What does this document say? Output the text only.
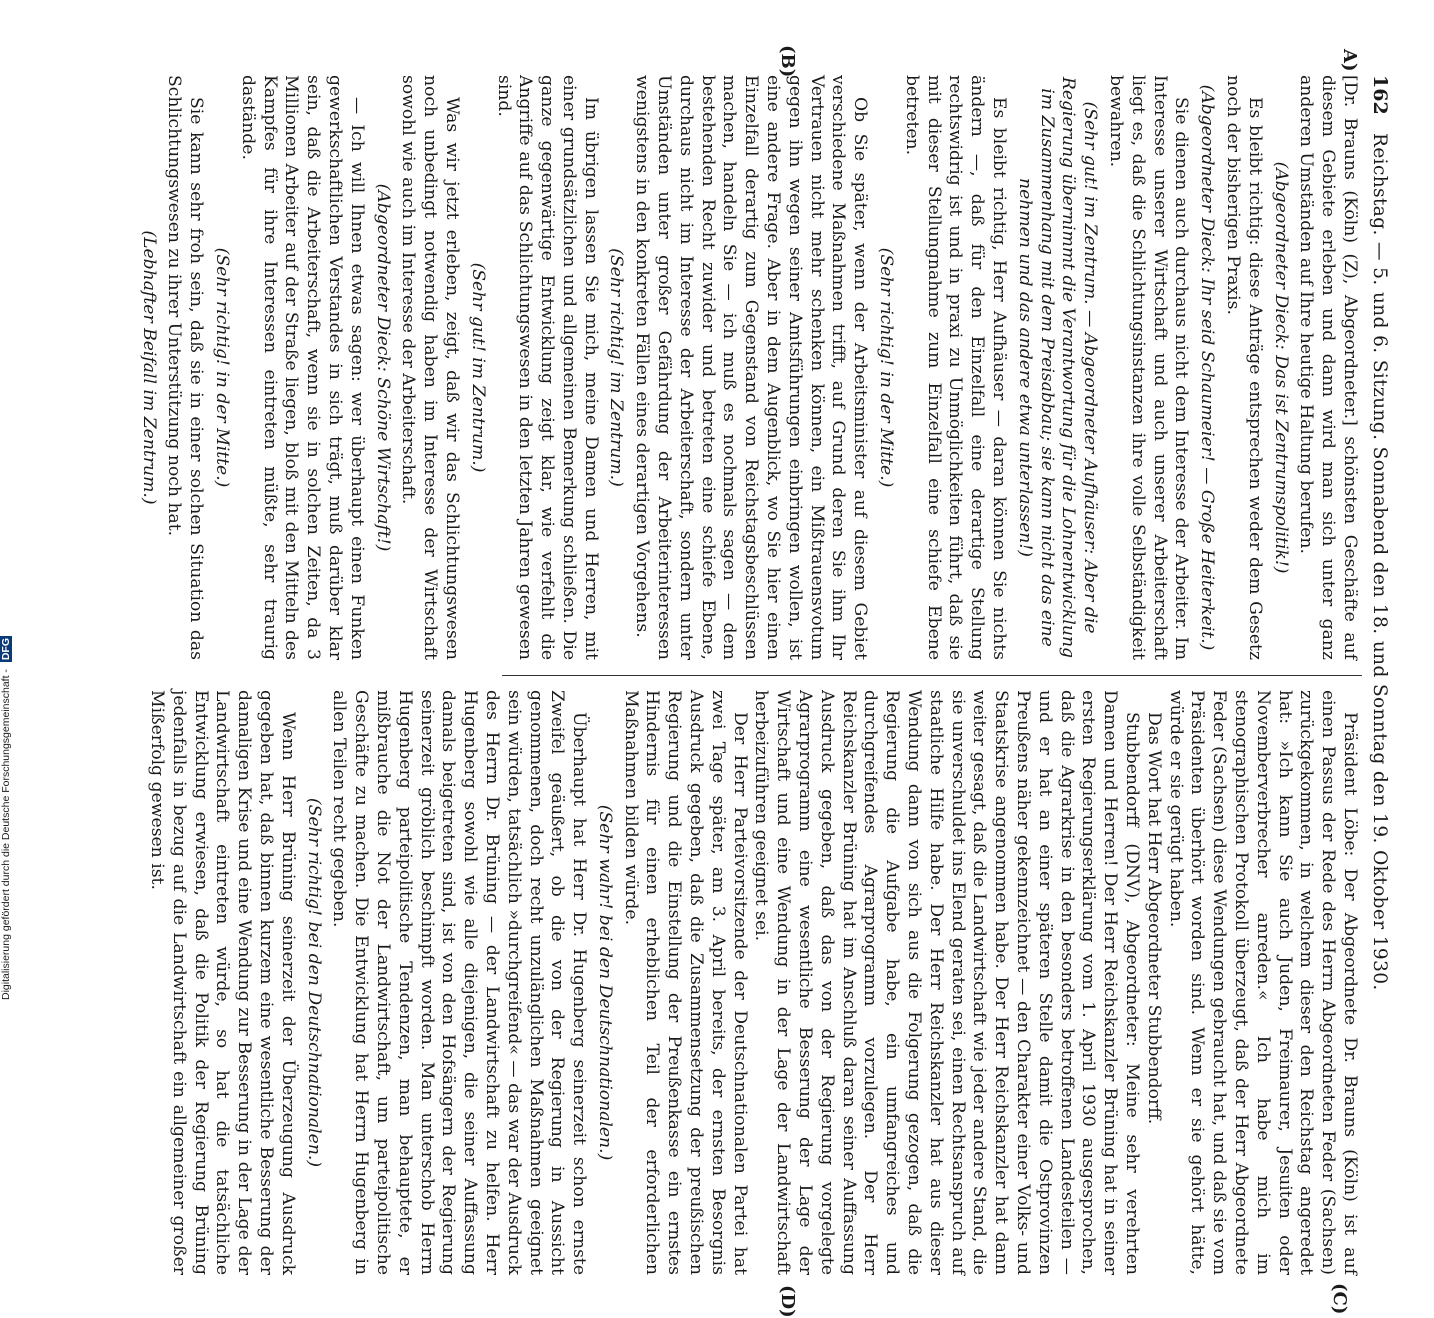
162
Reichstag. — 5. und 6. Sitzung. Sonnabend den 18. und Sonntag den 19. Oktober 1930.
A)
(B)
(C)
(D)

[Dr. Brauns (Köln) (Z), Abgeordneter.] schönsten Geschäfte auf diesem Gebiete erleben und dann wird man sich unter ganz anderen Umständen auf Ihre heutige Haltung berufen.

(Abgeordneter Dieck: Das ist Zentrumspolitik!)

Es bleibt richtig: diese Anträge entsprechen weder dem Gesetz noch der bisherigen Praxis.

(Abgeordneter Dieck: Ihr seid Schaumeier! — Große Heiterkeit.)

Sie dienen auch durchaus nicht dem Interesse der Arbeiter. Im Interesse unserer Wirtschaft und auch unserer Arbeiterschaft liegt es, daß die Schlichtungsinstanzen ihre volle Selbständigkeit bewahren.

(Sehr gut! im Zentrum. — Abgeordneter Aufhäuser: Aber die Regierung übernimmt die Verantwortung für die Lohnentwicklung im Zusammenhang mit dem Preisabbau; sie kann nicht das eine nehmen und das andere etwa unterlassen!)

Es bleibt richtig, Herr Aufhäuser — daran können Sie nichts ändern —, daß für den Einzelfall eine derartige Stellung rechtswidrig ist und in praxi zu Unmöglichkeiten führt, daß sie mit dieser Stellungnahme zum Einzelfall eine schiefe Ebene betreten.

(Sehr richtig! in der Mitte.)

Ob Sie später, wenn der Arbeitsminister auf diesem Gebiet verschiedene Maßnahmen trifft, auf Grund deren Sie ihm Ihr Vertrauen nicht mehr schenken können, ein Mißtrauensvotum gegen ihn wegen seiner Amtsführungen einbringen wollen, ist eine andere Frage. Aber in dem Augenblick, wo Sie hier einen Einzelfall derartig zum Gegenstand von Reichstagsbeschlüssen machen, handeln Sie — ich muß es nochmals sagen — dem bestehenden Recht zuwider und betreten eine schiefe Ebene, durchaus nicht im Interesse der Arbeiterschaft, sondern unter Umständen unter großer Gefährdung der Arbeiterinteressen wenigstens in den konkreten Fällen eines derartigen Vorgehens.

(Sehr richtig! im Zentrum.)

Im übrigen lassen Sie mich, meine Damen und Herren, mit einer grundsätzlichen und allgemeinen Bemerkung schließen. Die ganze gegenwärtige Entwicklung zeigt klar, wie verfehlt die Angriffe auf das Schlichtungswesen in den letzten Jahren gewesen sind.

(Sehr gut! im Zentrum.)

Was wir jetzt erleben, zeigt, daß wir das Schlichtungswesen noch unbedingt notwendig haben im Interesse der Wirtschaft sowohl wie auch im Interesse der Arbeiterschaft.

(Abgeordneter Dieck: Schöne Wirtschaft!)

— Ich will Ihnen etwas sagen: wer überhaupt einen Funken gewerkschaftlichen Verstandes in sich trägt, muß darüber klar sein, daß die Arbeiterschaft, wenn sie in solchen Zeiten, da 3 Millionen Arbeiter auf der Straße liegen, bloß mit den Mitteln des Kampfes für ihre Interessen eintreten müßte, sehr traurig dastände.

(Sehr richtig! in der Mitte.)

Sie kann sehr froh sein, daß sie in einer solchen Situation das Schlichtungswesen zu ihrer Unterstützung noch hat.

(Lebhafter Beifall im Zentrum.)

Präsident Löbe: Der Abgeordnete Dr. Brauns (Köln) ist auf einen Passus der Rede des Herrn Abgeordneten Feder (Sachsen) zurückgekommen, in welchem dieser den Reichstag angeredet hat: »Ich kann Sie auch Juden, Freimaurer, Jesuiten oder Novemberverbrecher anreden.« Ich habe mich im stenographischen Protokoll überzeugt, daß der Herr Abgeordnete Feder (Sachsen) diese Wendungen gebraucht hat, und daß sie vom Präsidenten überhört worden sind. Wenn er sie gehört hätte, würde er sie gerügt haben.

Das Wort hat Herr Abgeordneter Stubbendorff.

Stubbendorff (DNV), Abgeordneter: Meine sehr verehrten Damen und Herren! Der Herr Reichskanzler Brüning hat in seiner ersten Regierungserklärung vom 1. April 1930 ausgesprochen, daß die Agrarkrise in den besonders betroffenen Landesteilen — und er hat an einer späteren Stelle damit die Ostprovinzen Preußens näher gekennzeichnet — den Charakter einer Volks- und Staatskrise angenommen habe. Der Herr Reichskanzler hat dann weiter gesagt, daß die Landwirtschaft wie jeder andere Stand, die sie unverschuldet ins Elend geraten sei, einen Rechtsanspruch auf staatliche Hilfe habe. Der Herr Reichskanzler hat aus dieser Wendung dann von sich aus die Folgerung gezogen, daß die Regierung die Aufgabe habe, ein umfangreiches und durchgreifendes Agrarprogramm vorzulegen. Der Herr Reichskanzler Brüning hat im Anschluß daran seiner Auffassung Ausdruck gegeben, daß das von der Regierung vorgelegte Agrarprogramm eine wesentliche Besserung der Lage der Wirtschaft und eine Wendung in der Lage der Landwirtschaft herbeizuführen geeignet sei.

Der Herr Parteivorsitzende der Deutschnationalen Partei hat zwei Tage später, am 3. April bereits, der ernsten Besorgnis Ausdruck gegeben, daß die Zusammensetzung der preußischen Regierung und die Einstellung der Preußenkasse ein ernstes Hindernis für einen erheblichen Teil der erforderlichen Maßnahmen bilden würde.

(Sehr wahr! bei den Deutschnationalen.)

Überhaupt hat Herr Dr. Hugenberg seinerzeit schon ernste Zweifel geäußert, ob die von der Regierung in Aussicht genommenen, doch recht unzulänglichen Maßnahmen geeignet sein würden, tatsächlich »durchgreifend« — das war der Ausdruck des Herrn Dr. Brüning — der Landwirtschaft zu helfen. Herr Hugenberg sowohl wie alle diejenigen, die seiner Auffassung damals beigetreten sind, ist von den Hofsängern der Regierung seinerzeit gröblich beschimpft worden. Man unterschob Herrn Hugenberg parteipolitische Tendenzen, man behauptete, er mißbrauche die Not der Landwirtschaft, um parteipolitische Geschäfte zu machen. Die Entwicklung hat Herrn Hugenberg in allen Teilen recht gegeben.

(Sehr richtig! bei den Deutschnationalen.)

Wenn Herr Brüning seinerzeit der Überzeugung Ausdruck gegeben hat, daß binnen kurzem eine wesentliche Besserung der damaligen Krise und eine Wendung zur Besserung in der Lage der Landwirtschaft eintreten würde, so hat die tatsächliche Entwicklung erwiesen, daß die Politik der Regierung Brüning jedenfalls in bezug auf die Landwirtschaft ein allgemeiner großer Mißerfolg gewesen ist.

Digitalisierung gefördert durch die Deutsche Forschungsgemeinschaft - DFG
